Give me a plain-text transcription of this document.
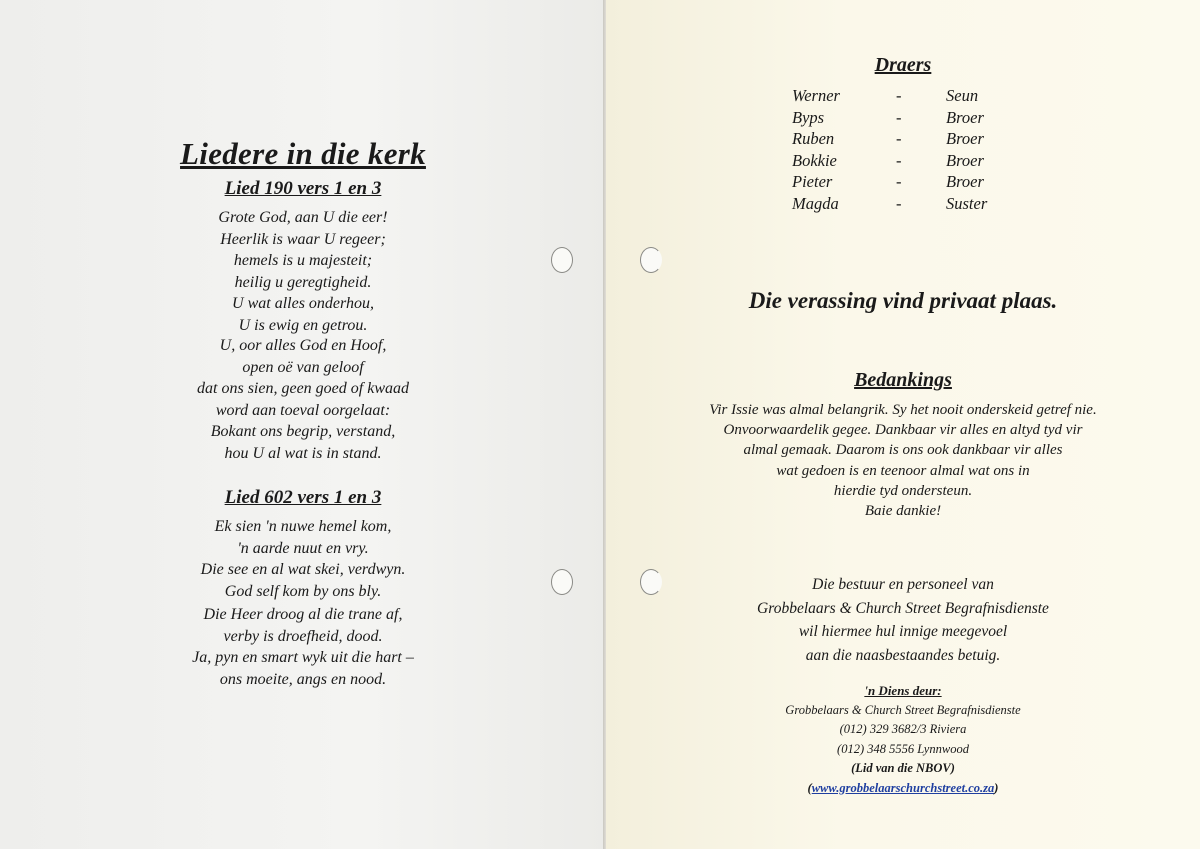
Liedere in die kerk
Lied 190 vers 1 en 3
Grote God, aan U die eer!
Heerlik is waar U regeer;
hemels is u majesteit;
heilig u geregtigheid.
U wat alles onderhou,
U is ewig en getrou.
U, oor alles God en Hoof,
open oë van geloof
dat ons sien, geen goed of kwaad
word aan toeval oorgelaat:
Bokant ons begrip, verstand,
hou U al wat is in stand.
Lied 602 vers 1 en 3
Ek sien 'n nuwe hemel kom,
'n aarde nuut en vry.
Die see en al wat skei, verdwyn.
God self kom by ons bly.
Die Heer droog al die trane af,
verby is droefheid, dood.
Ja, pyn en smart wyk uit die hart –
ons moeite, angs en nood.
Draers
Werner	-	Seun
Byps	-	Broer
Ruben	-	Broer
Bokkie	-	Broer
Pieter	-	Broer
Magda	-	Suster
Die verassing vind privaat plaas.
Bedankings
Vir Issie was almal belangrik. Sy het nooit onderskeid getref nie.
Onvoorwaardelik gegee. Dankbaar vir alles en altyd tyd vir
almal gemaak. Daarom is ons ook dankbaar vir alles
wat gedoen is en teenoor almal wat ons in
hierdie tyd ondersteun.
Baie dankie!
Die bestuur en personeel van
Grobbelaars & Church Street Begrafnisdienste
wil hiermee hul innige meegevoel
aan die naasbestaandes betuig.
'n Diens deur:
Grobbelaars & Church Street Begrafnisdienste
(012) 329 3682/3 Riviera
(012) 348 5556 Lynnwood
(Lid van die NBOV)
(www.grobbelaarschurchstreet.co.za)
